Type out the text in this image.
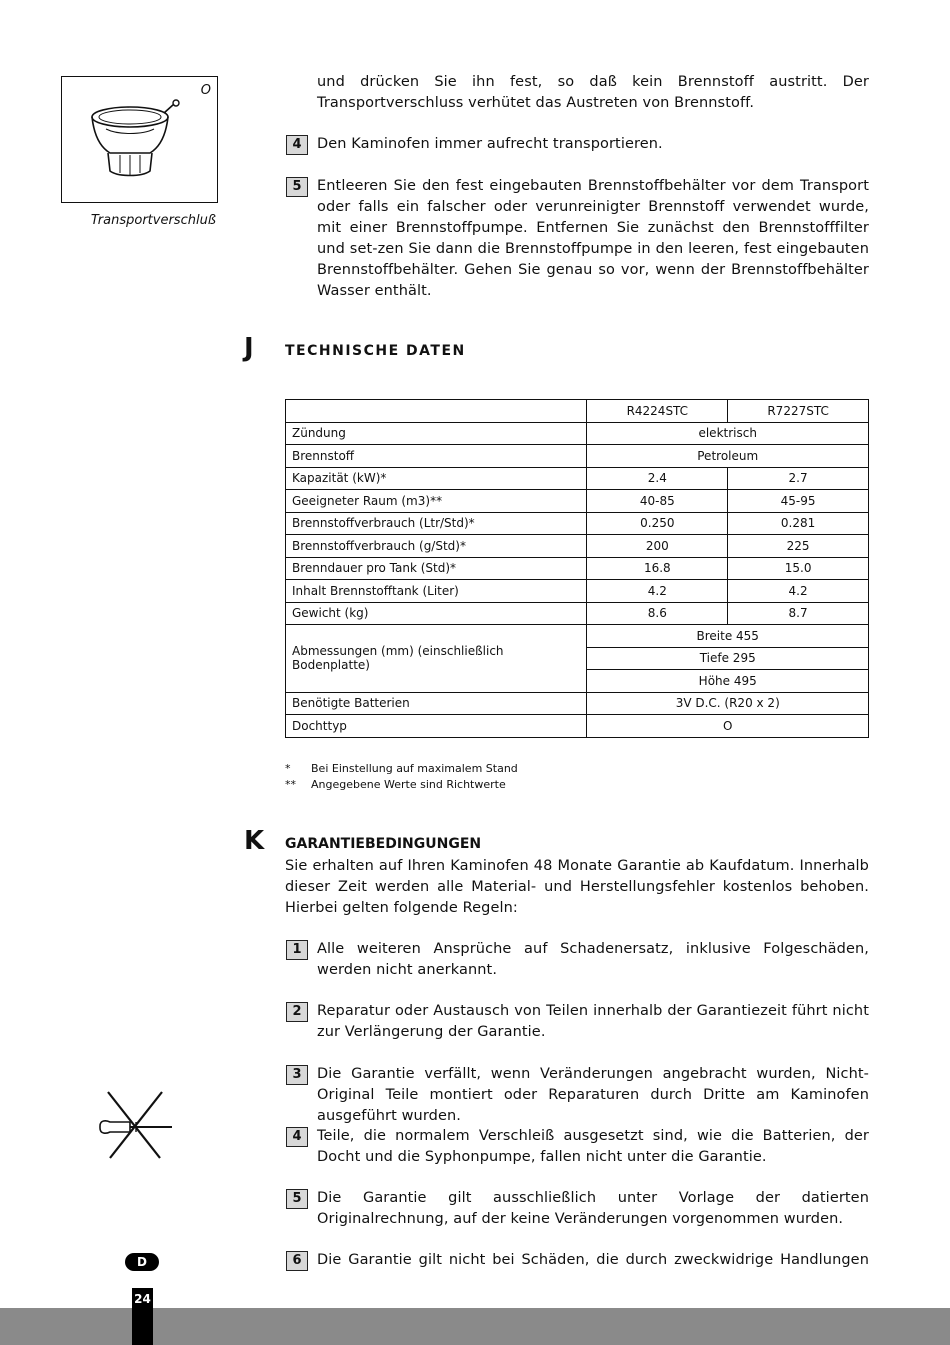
O
Transportverschluß
und drücken Sie ihn fest, so daß kein Brennstoff austritt. Der
Transportverschluss verhütet das Austreten von Brennstoff.
4	Den Kaminofen immer aufrecht transportieren.
5	Entleeren Sie den fest eingebauten Brennstoffbehälter vor dem Transport oder falls ein falscher oder verunreinigter Brennstoff verwendet wurde, mit einer Brennstoffpumpe. Entfernen Sie zunächst den Brennstofffilter und set-zen Sie dann die Brennstoffpumpe in den leeren, fest eingebauten Brennstoffbehälter. Gehen Sie genau so vor, wenn der Brennstoffbehälter Wasser enthält.
J TECHNISCHE DATEN
	R4224STC	R7227STC
Zündung	elektrisch	
Brennstoff	Petroleum	
Kapazität (kW)*	2.4	2.7
Geeigneter Raum (m3)**	40-85	45-95
Brennstoffverbrauch (Ltr/Std)*	0.250	0.281
Brennstoffverbrauch (g/Std)*	200	225
Brenndauer pro Tank (Std)*	16.8	15.0
Inhalt Brennstofftank (Liter)	4.2	4.2
Gewicht (kg)	8.6	8.7
Abmessungen (mm) (einschließlich Bodenplatte)	Breite 455	
	Tiefe 295	
	Höhe 495	
Benötigte Batterien	3V D.C. (R20 x 2)	
Dochttyp	O	
* Bei Einstellung auf maximalem Stand
** Angegebene Werte sind Richtwerte
K GARANTIEBEDINGUNGEN
Sie erhalten auf Ihren Kaminofen 48 Monate Garantie ab Kaufdatum. Innerhalb dieser Zeit werden alle Material- und Herstellungsfehler kostenlos behoben. Hierbei gelten folgende Regeln:
1	Alle weiteren Ansprüche auf Schadenersatz, inklusive Folgeschäden, werden nicht anerkannt.
2	Reparatur oder Austausch von Teilen innerhalb der Garantiezeit führt nicht zur Verlängerung der Garantie.
3	Die Garantie verfällt, wenn Veränderungen angebracht wurden, Nicht-Original Teile montiert oder Reparaturen durch Dritte am Kaminofen ausgeführt wurden.
4	Teile, die normalem Verschleiß ausgesetzt sind, wie die Batterien, der Docht und die Syphonpumpe, fallen nicht unter die Garantie.
5	Die Garantie gilt ausschließlich unter Vorlage der datierten Originalrechnung, auf der keine Veränderungen vorgenommen wurden.
6	Die Garantie gilt nicht bei Schäden, die durch zweckwidrige Handlungen
D
24
